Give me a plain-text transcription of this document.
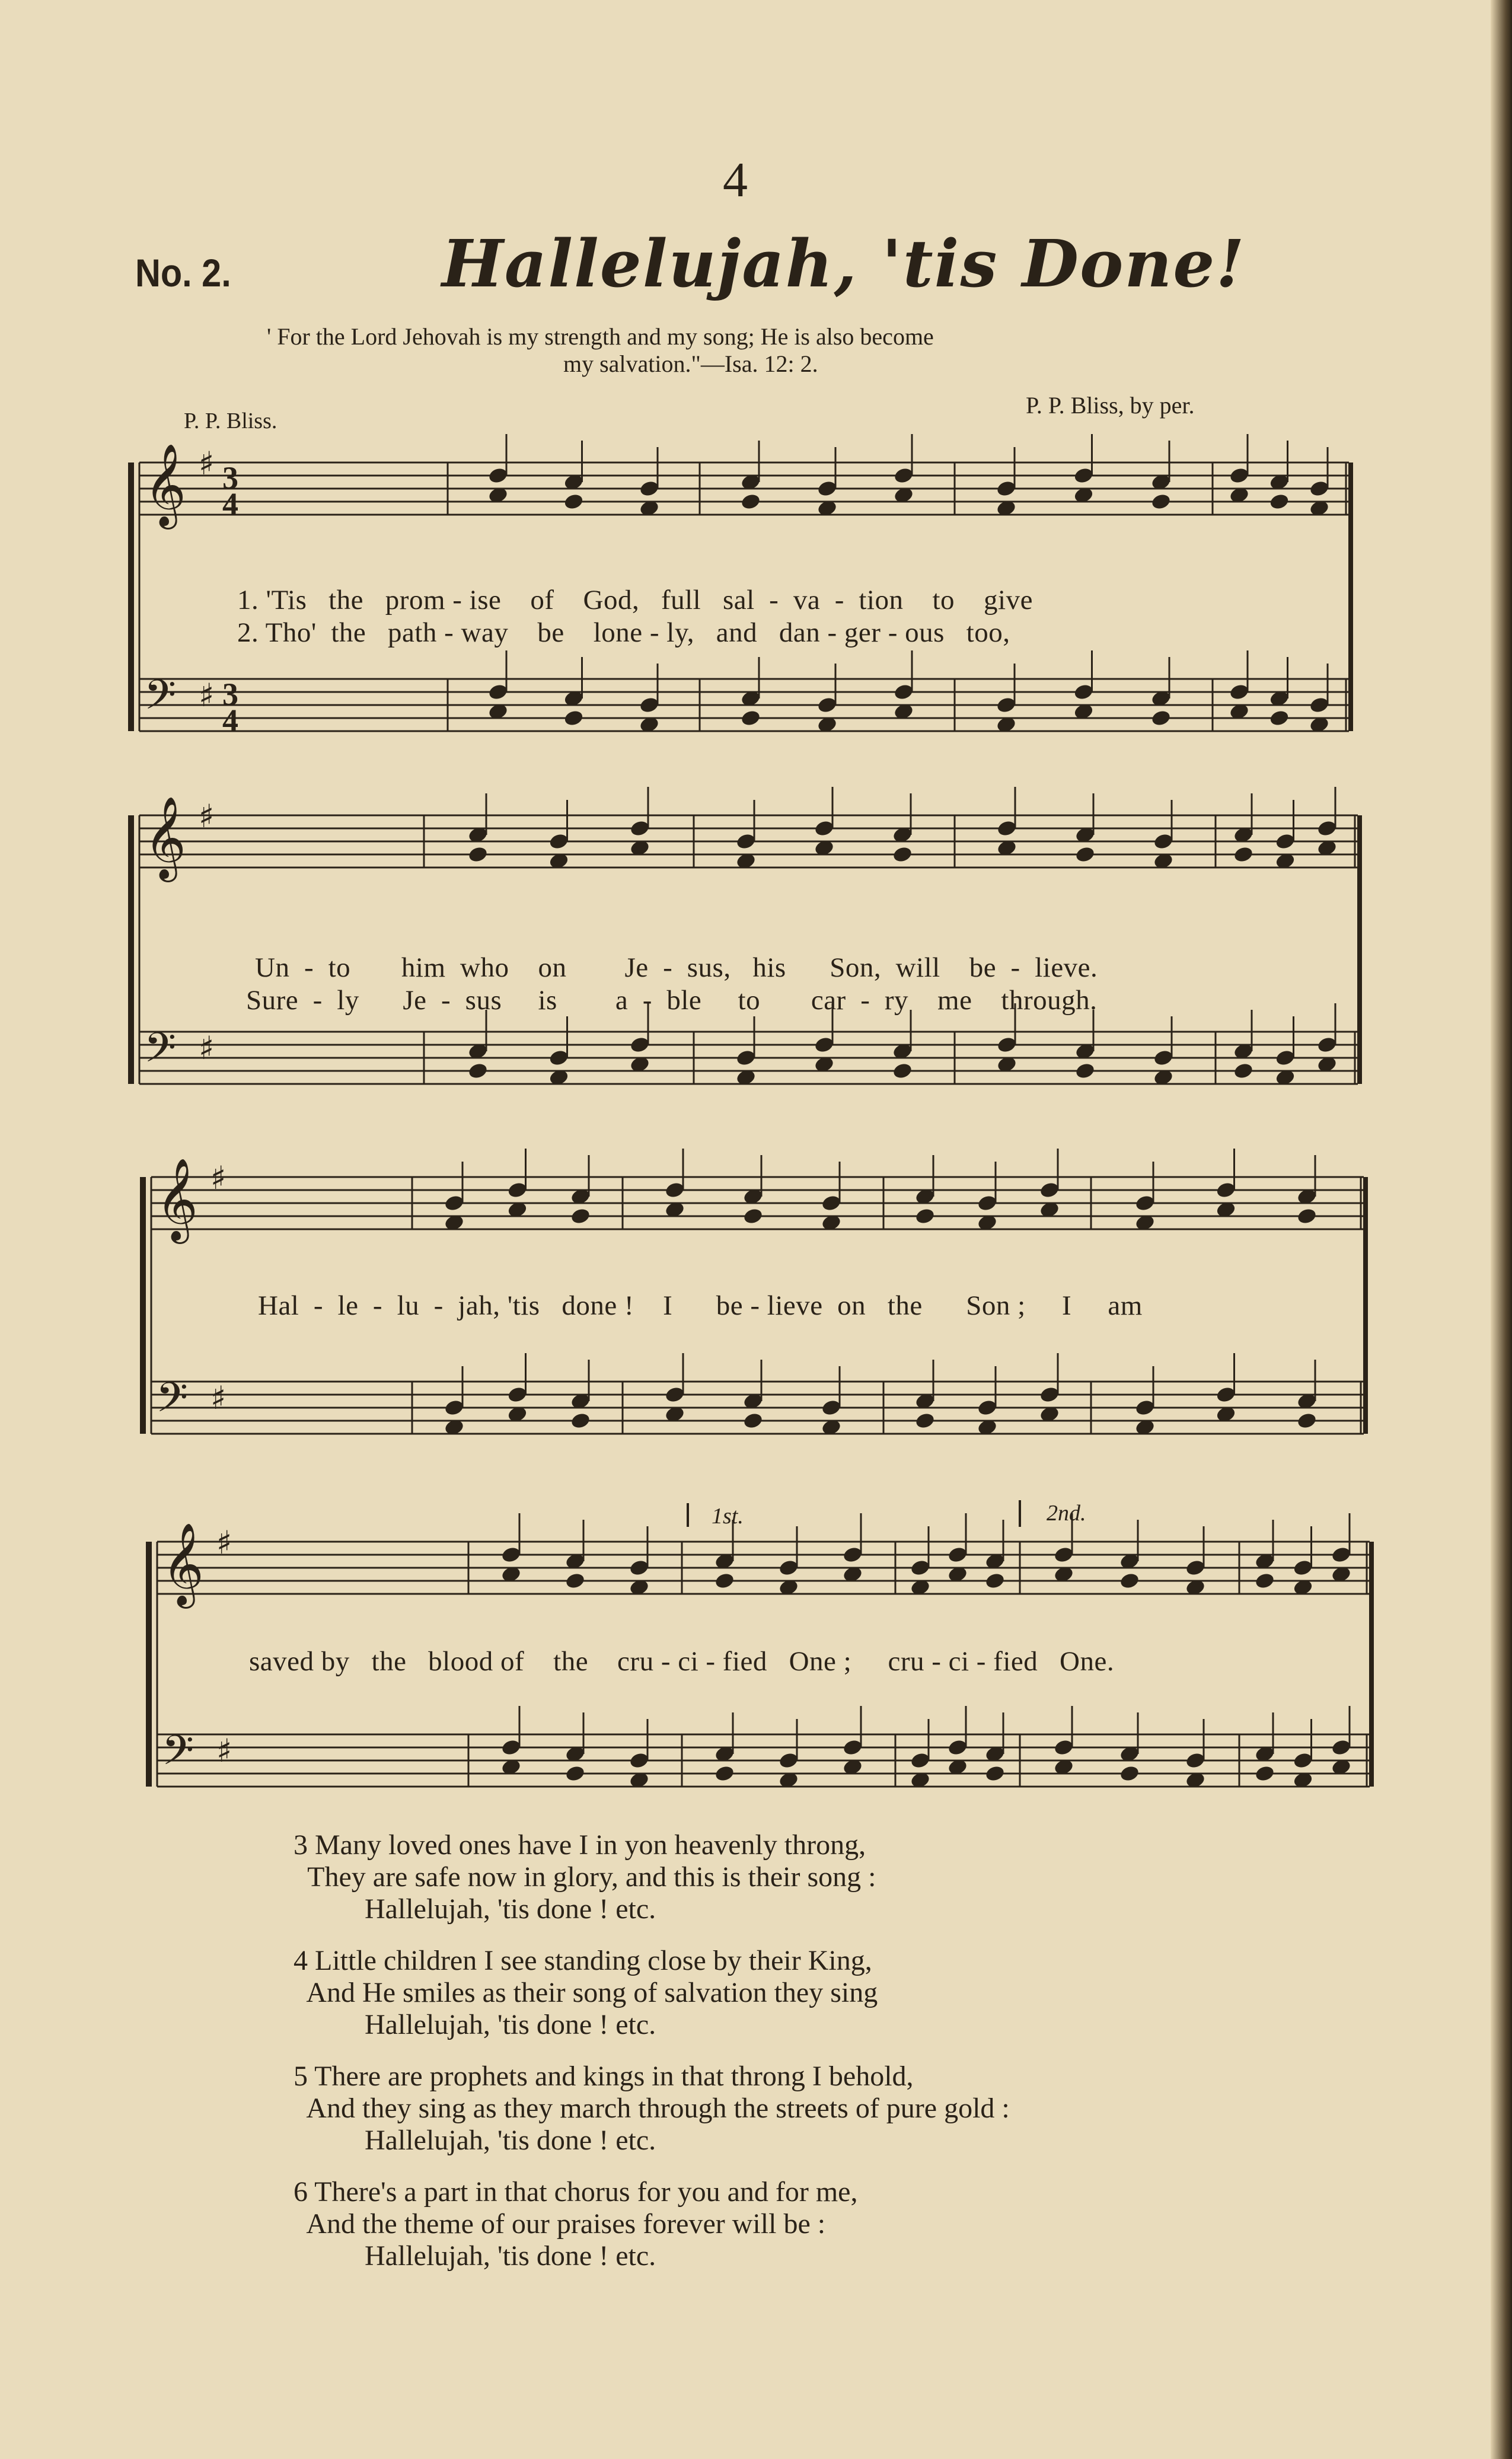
4
No. 2.	Hallelujah, 'tis Done!
' For the Lord Jehovah is my strength and my song; He is also become
my salvation."—Isa. 12: 2.
P. P. Bliss.
P. P. Bliss, by per.
𝄞 ♯ 3
4
𝄢 ♯ 3
4
𝄞 ♯
𝄢 ♯
𝄞 ♯
𝄢 ♯
𝄞 ♯
𝄢 ♯
1. 'Tis   the   prom - ise    of    God,   full   sal  -  va  -  tion    to    give
2. Tho'  the   path - way    be    lone - ly,   and   dan - ger - ous   too,
Un  -  to       him  who    on        Je  -  sus,   his      Son,  will    be  -  lieve.
Sure  -  ly      Je  -  sus     is        a  -  ble     to       car  -  ry    me    through.
Hal  -  le  -  lu  -  jah, 'tis   done !    I      be - lieve  on   the      Son ;     I     am
saved by   the   blood of    the    cru - ci - fied   One ;     cru - ci - fied   One.
1st.	2nd.
3 Many loved ones have I in yon heavenly throng,
They are safe now in glory, and this is their song :
Hallelujah, 'tis done ! etc.
4 Little children I see standing close by their King,
And He smiles as their song of salvation they sing
Hallelujah, 'tis done ! etc.
5 There are prophets and kings in that throng I behold,
And they sing as they march through the streets of pure gold :
Hallelujah, 'tis done ! etc.
6 There's a part in that chorus for you and for me,
And the theme of our praises forever will be :
Hallelujah, 'tis done ! etc.
